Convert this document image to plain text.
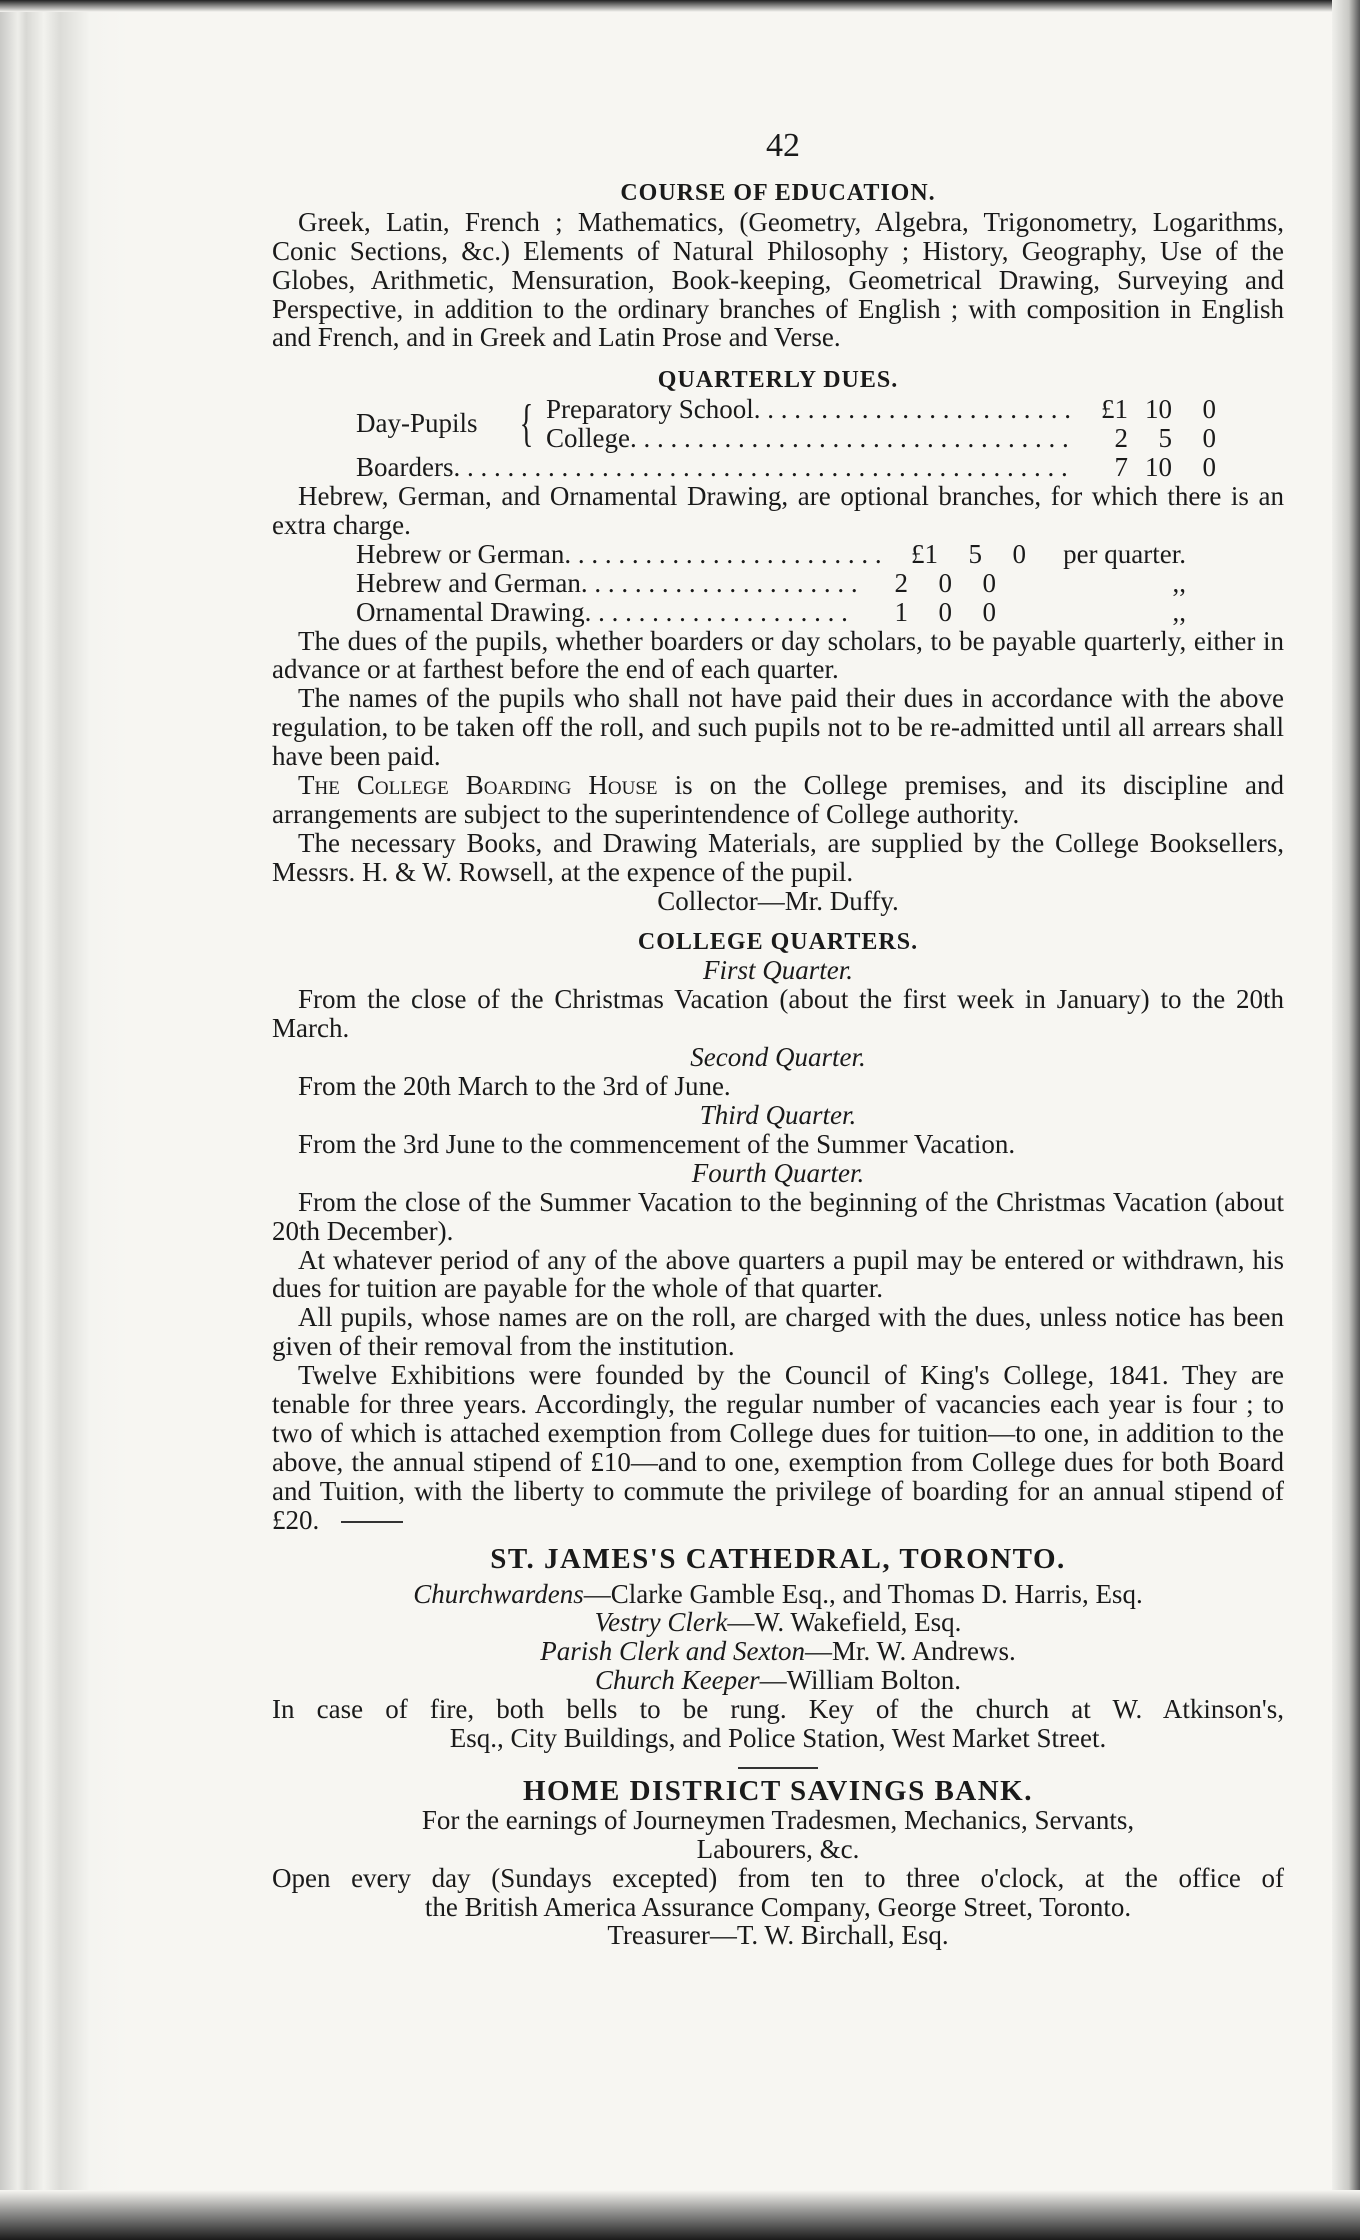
42
COURSE OF EDUCATION.

Greek, Latin, French ; Mathematics, (Geometry, Algebra, Trigonometry, Logarithms, Conic Sections, &c.) Elements of Natural Philosophy ; History, Geography, Use of the Globes, Arithmetic, Mensuration, Book-keeping, Geometrical Drawing, Surveying and Perspective, in addition to the ordinary branches of English ; with composition in English and French, and in Greek and Latin Prose and Verse.

QUARTERLY DUES.
Day-Pupils { Preparatory School . . .	£1 10	0
College . . .	2	5	0
Boarders . . .	7 10	0

Hebrew, German, and Ornamental Drawing, are optional branches, for which there is an extra charge.

Hebrew or German . . .	£1	5	0	per quarter.
Hebrew and German . . .	2	0	0	,,
Ornamental Drawing . . .	1	0	0	,,

The dues of the pupils, whether boarders or day scholars, to be payable quarterly, either in advance or at farthest before the end of each quarter.

The names of the pupils who shall not have paid their dues in accordance with the above regulation, to be taken off the roll, and such pupils not to be re-admitted until all arrears shall have been paid.

The College Boarding House is on the College premises, and its discipline and arrangements are subject to the superintendence of College authority.

The necessary Books, and Drawing Materials, are supplied by the College Booksellers, Messrs. H. & W. Rowsell, at the expence of the pupil.

Collector—Mr. Duffy.

COLLEGE QUARTERS.

First Quarter.

From the close of the Christmas Vacation (about the first week in January) to the 20th March.

Second Quarter.

From the 20th March to the 3rd of June.

Third Quarter.

From the 3rd June to the commencement of the Summer Vacation.

Fourth Quarter.

From the close of the Summer Vacation to the beginning of the Christmas Vacation (about 20th December).

At whatever period of any of the above quarters a pupil may be entered or withdrawn, his dues for tuition are payable for the whole of that quarter.

All pupils, whose names are on the roll, are charged with the dues, unless notice has been given of their removal from the institution.

Twelve Exhibitions were founded by the Council of King's College, 1841. They are tenable for three years. Accordingly, the regular number of vacancies each year is four ; to two of which is attached exemption from College dues for tuition—to one, in addition to the above, the annual stipend of £10—and to one, exemption from College dues for both Board and Tuition, with the liberty to commute the privilege of boarding for an annual stipend of £20.

ST. JAMES'S CATHEDRAL, TORONTO.

Churchwardens—Clarke Gamble Esq., and Thomas D. Harris, Esq.

Vestry Clerk—W. Wakefield, Esq.

Parish Clerk and Sexton—Mr. W. Andrews.

Church Keeper—William Bolton.

In case of fire, both bells to be rung. Key of the church at W. Atkinson's,

Esq., City Buildings, and Police Station, West Market Street.

HOME DISTRICT SAVINGS BANK.

For the earnings of Journeymen Tradesmen, Mechanics, Servants,

Labourers, &c.

Open every day (Sundays excepted) from ten to three o'clock, at the office of

the British America Assurance Company, George Street, Toronto.

Treasurer—T. W. Birchall, Esq.
